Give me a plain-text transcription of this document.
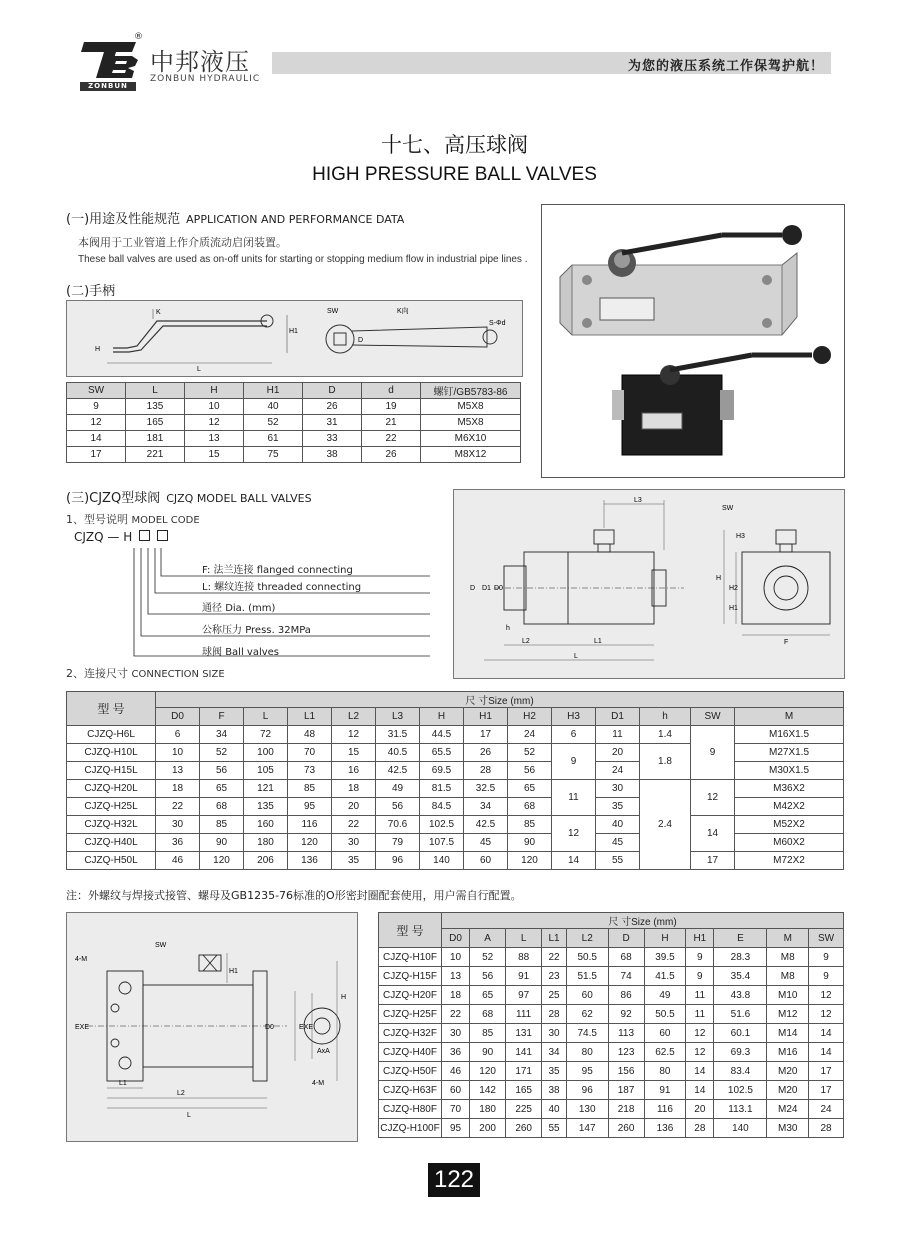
®
ZONBUN
中邦液压
ZONBUN HYDRAULIC
为您的液压系统工作保驾护航！
十七、高压球阀
HIGH PRESSURE BALL VALVES
(一)用途及性能规范 APPLICATION AND PERFORMANCE DATA
本阀用于工业管道上作介质流动启闭装置。
These ball valves are used as on-off units for starting or stopping medium flow in industrial pipe lines .
(二)手柄
K
H
L
H1
SW	K向
S-Φd
D
SW	L	H	H1	D	d	螺钉/GB5783-86
9	135	10	40	26	19	M5X8
12	165	12	52	31	21	M5X8
14	181	13	61	33	22	M6X10
17	221	15	75	38	26	M8X12
(三)CJZQ型球阀 CJZQ MODEL BALL VALVES
1、型号说明 MODEL CODE
CJZQ — H
F: 法兰连接 flanged connecting
L: 螺纹连接 threaded connecting
通径 Dia. (mm)
公称压力 Press. 32MPa
球阀 Ball valves
2、连接尺寸 CONNECTION SIZE
L3
SW
H3
H
H2
H1
D D1 D0
h
L2	L1
L
F
型 号	尺 寸Size (mm)													
	D0	F	L	L1	L2	L3	H	H1	H2	H3	D1	h	SW	M
CJZQ-H6L	6	34	72	48	12	31.5	44.5	17	24	6	11	1.4	9	M16X1.5
CJZQ-H10L	10	52	100	70	15	40.5	65.5	26	52	9	20	1.8		M27X1.5
CJZQ-H15L	13	56	105	73	16	42.5	69.5	28	56		24			M30X1.5
CJZQ-H20L	18	65	121	85	18	49	81.5	32.5	65	11	30	2.4	12	M36X2
CJZQ-H25L	22	68	135	95	20	56	84.5	34	68		35			M42X2
CJZQ-H32L	30	85	160	116	22	70.6	102.5	42.5	85	12	40		14	M52X2
CJZQ-H40L	36	90	180	120	30	79	107.5	45	90		45			M60X2
CJZQ-H50L	46	120	206	136	35	96	140	60	120	14	55		17	M72X2
注：外螺纹与焊接式接管、螺母及GB1235-76标准的O形密封圈配套使用，用户需自行配置。
SW
4-M
H1
H
EXE	D0	EXE
AxA
L1
L2
L
4-M
型 号	尺 寸Size (mm)										
	D0	A	L	L1	L2	D	H	H1	E	M	SW
CJZQ-H10F	10	52	88	22	50.5	68	39.5	9	28.3	M8	9
CJZQ-H15F	13	56	91	23	51.5	74	41.5	9	35.4	M8	9
CJZQ-H20F	18	65	97	25	60	86	49	11	43.8	M10	12
CJZQ-H25F	22	68	111	28	62	92	50.5	11	51.6	M12	12
CJZQ-H32F	30	85	131	30	74.5	113	60	12	60.1	M14	14
CJZQ-H40F	36	90	141	34	80	123	62.5	12	69.3	M16	14
CJZQ-H50F	46	120	171	35	95	156	80	14	83.4	M20	17
CJZQ-H63F	60	142	165	38	96	187	91	14	102.5	M20	17
CJZQ-H80F	70	180	225	40	130	218	116	20	113.1	M24	24
CJZQ-H100F	95	200	260	55	147	260	136	28	140	M30	28
122
